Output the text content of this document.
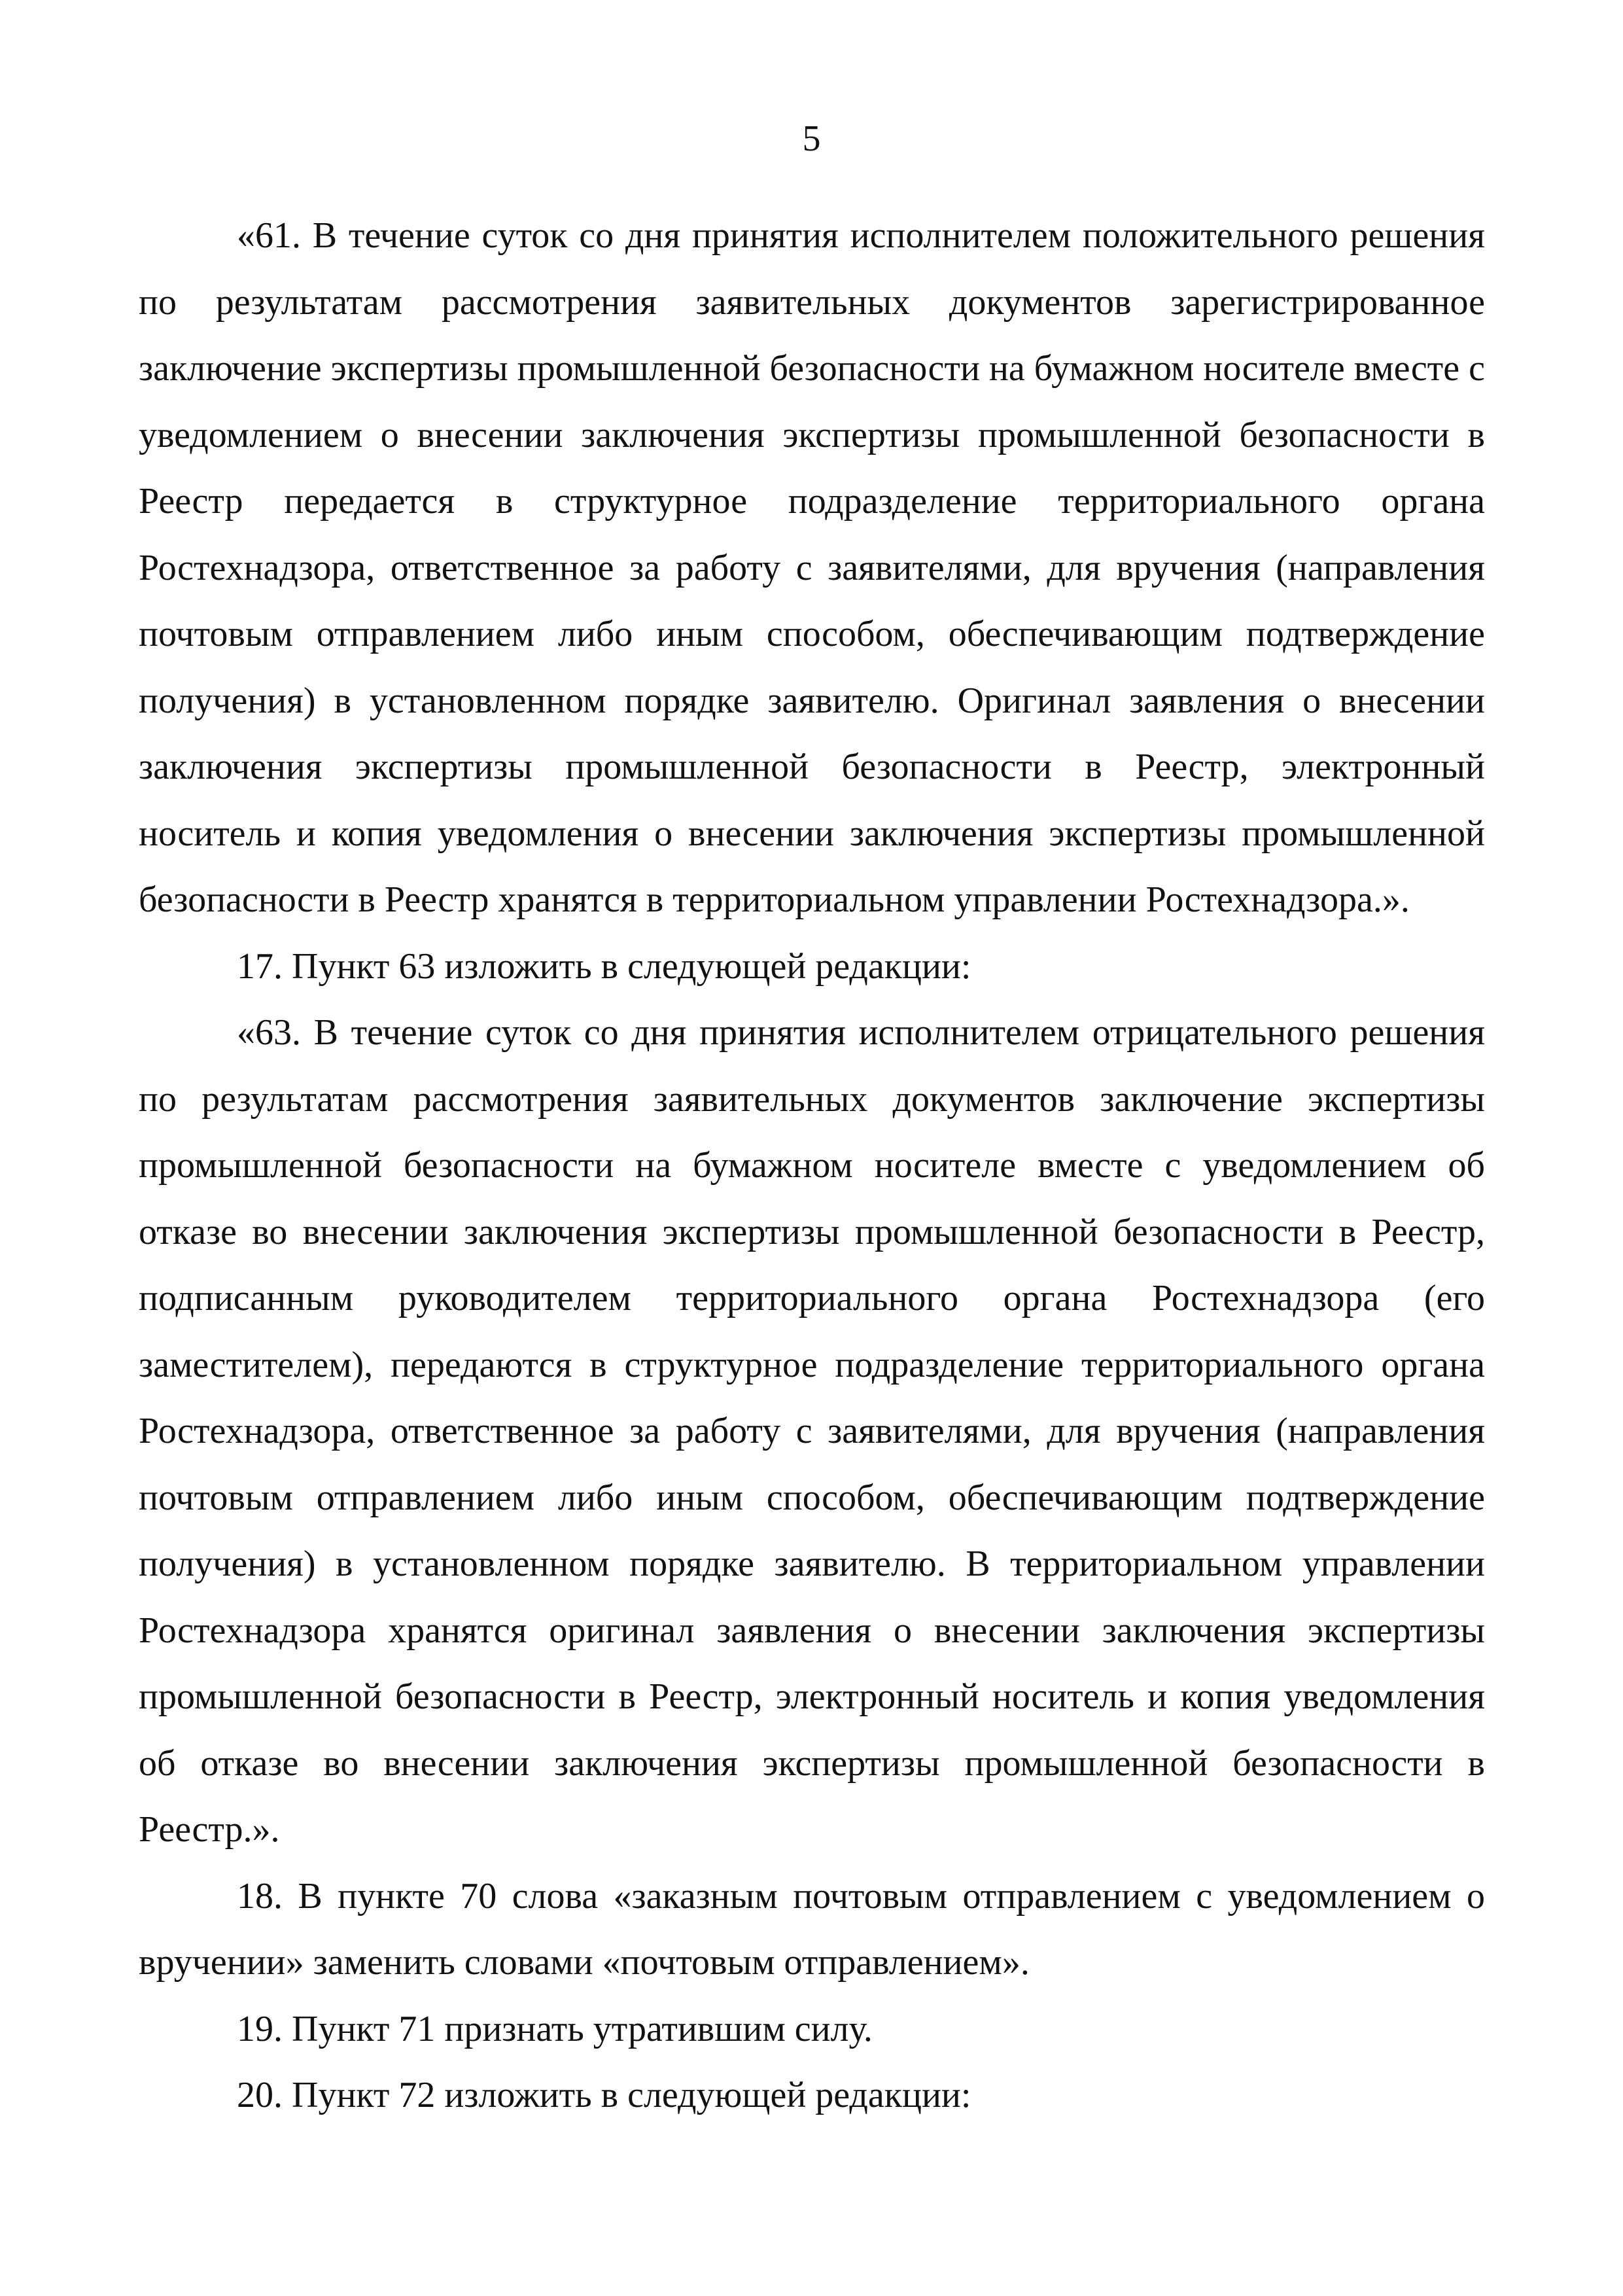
5

«61. В течение суток со дня принятия исполнителем положительного решения по результатам рассмотрения заявительных документов зарегистрированное заключение экспертизы промышленной безопасности на бумажном носителе вместе с уведомлением о внесении заключения экспертизы промышленной безопасности в Реестр передается в структурное подразделение территориального органа Ростехнадзора, ответственное за работу с заявителями, для вручения (направления почтовым отправлением либо иным способом, обеспечивающим подтверждение получения) в установленном порядке заявителю. Оригинал заявления о внесении заключения экспертизы промышленной безопасности в Реестр, электронный носитель и копия уведомления о внесении заключения экспертизы промышленной безопасности в Реестр хранятся в территориальном управлении Ростехнадзора.».

17. Пункт 63 изложить в следующей редакции:

«63. В течение суток со дня принятия исполнителем отрицательного решения по результатам рассмотрения заявительных документов заключение экспертизы промышленной безопасности на бумажном носителе вместе с уведомлением об отказе во внесении заключения экспертизы промышленной безопасности в Реестр, подписанным руководителем территориального органа Ростехнадзора (его заместителем), передаются в структурное подразделение территориального органа Ростехнадзора, ответственное за работу с заявителями, для вручения (направления почтовым отправлением либо иным способом, обеспечивающим подтверждение получения) в установленном порядке заявителю. В территориальном управлении Ростехнадзора хранятся оригинал заявления о внесении заключения экспертизы промышленной безопасности в Реестр, электронный носитель и копия уведомления об отказе во внесении заключения экспертизы промышленной безопасности в Реестр.».

18. В пункте 70 слова «заказным почтовым отправлением с уведомлением о вручении» заменить словами «почтовым отправлением».

19. Пункт 71 признать утратившим силу.

20. Пункт 72 изложить в следующей редакции:
